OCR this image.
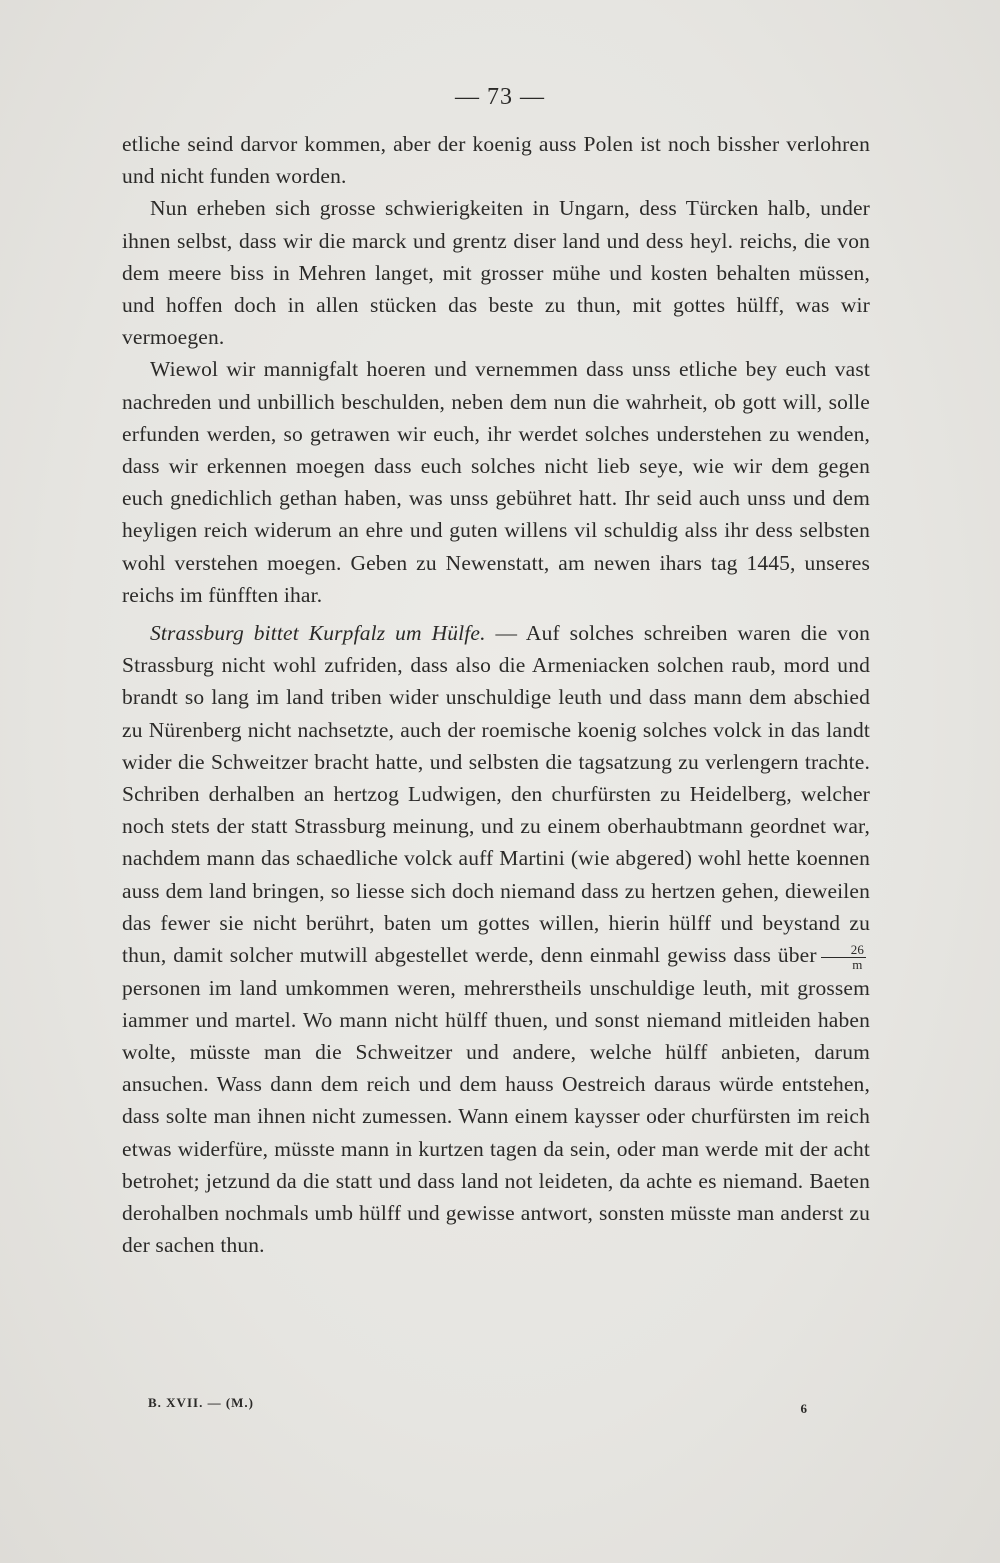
— 73 —

etliche seind darvor kommen, aber der koenig auss Polen ist noch bissher verlohren und nicht funden worden.

Nun erheben sich grosse schwierigkeiten in Ungarn, dess Türcken halb, under ihnen selbst, dass wir die marck und grentz diser land und dess heyl. reichs, die von dem meere biss in Mehren langet, mit grosser mühe und kosten behalten müssen, und hoffen doch in allen stücken das beste zu thun, mit gottes hülff, was wir vermoegen.

Wiewol wir mannigfalt hoeren und vernemmen dass unss etliche bey euch vast nachreden und unbillich beschulden, neben dem nun die wahrheit, ob gott will, solle erfunden werden, so getrawen wir euch, ihr werdet solches understehen zu wenden, dass wir erkennen moegen dass euch solches nicht lieb seye, wie wir dem gegen euch gnedichlich gethan haben, was unss gebühret hatt. Ihr seid auch unss und dem heyligen reich widerum an ehre und guten willens vil schuldig alss ihr dess selbsten wohl verstehen moegen. Geben zu Newenstatt, am newen ihars tag 1445, unseres reichs im fünfften ihar.

Strassburg bittet Kurpfalz um Hülfe. — Auf solches schreiben waren die von Strassburg nicht wohl zufriden, dass also die Armeniacken solchen raub, mord und brandt so lang im land triben wider unschuldige leuth und dass mann dem abschied zu Nürenberg nicht nachsetzte, auch der roemische koenig solches volck in das landt wider die Schweitzer bracht hatte, und selbsten die tagsatzung zu verlengern trachte. Schriben derhalben an hertzog Ludwigen, den churfürsten zu Heidelberg, welcher noch stets der statt Strassburg meinung, und zu einem oberhaubtmann geordnet war, nachdem mann das schaedliche volck auff Martini (wie abgered) wohl hette koennen auss dem land bringen, so liesse sich doch niemand dass zu hertzen gehen, dieweilen das fewer sie nicht berührt, baten um gottes willen, hierin hülff und beystand zu thun, damit solcher mutwill abgestellet werde, denn einmahl gewiss dass über $\frac{26}{m}$
personen im land umkommen weren, mehrerstheils unschuldige leuth, mit grossem iammer und martel. Wo mann nicht hülff thuen, und sonst niemand mitleiden haben wolte, müsste man die Schweitzer und andere, welche hülff anbieten, darum ansuchen. Wass dann dem reich und dem hauss Oestreich daraus würde entstehen, dass solte man ihnen nicht zumessen. Wann einem kaysser oder churfürsten im reich etwas widerfüre, müsste mann in kurtzen tagen da sein, oder man werde mit der acht betrohet; jetzund da die statt und dass land not leideten, da achte es niemand. Baeten derohalben nochmals umb hülff und gewisse antwort, sonsten müsste man anderst zu der sachen thun.

B. XVII. — (M.)	6
